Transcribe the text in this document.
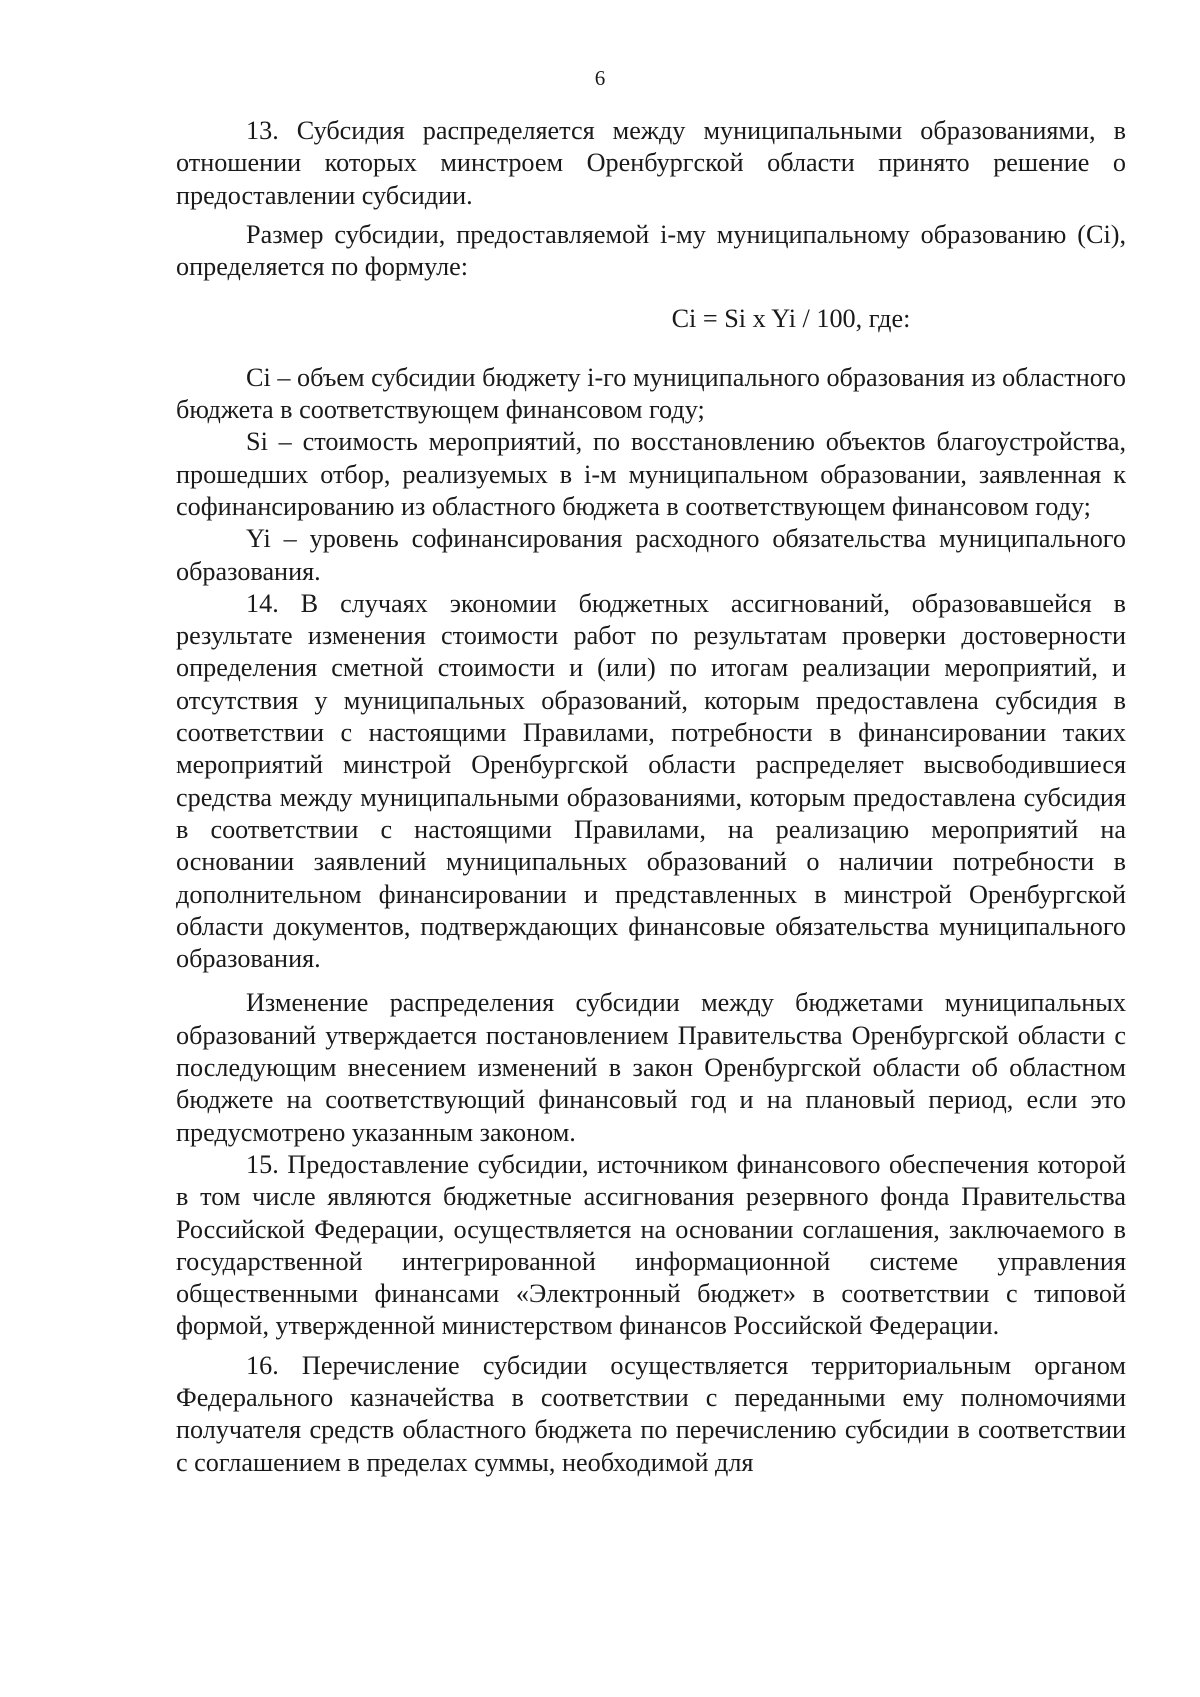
6

13. Субсидия распределяется между муниципальными образованиями, в отношении которых минстроем Оренбургской области принято решение о предоставлении субсидии.

Размер субсидии, предоставляемой i-му муниципальному образованию (Ci), определяется по формуле:

Ci = Si x Yi / 100, где:

Ci – объем субсидии бюджету i-го муниципального образования из областного бюджета в соответствующем финансовом году;

Si – стоимость мероприятий, по восстановлению объектов благоустройства, прошедших отбор, реализуемых в i-м муниципальном образовании, заявленная к софинансированию из областного бюджета в соответствующем финансовом году;

Yi – уровень софинансирования расходного обязательства муниципального образования.

14. В случаях экономии бюджетных ассигнований, образовавшейся в результате изменения стоимости работ по результатам проверки достоверности определения сметной стоимости и (или) по итогам реализации мероприятий, и отсутствия у муниципальных образований, которым предоставлена субсидия в соответствии с настоящими Правилами, потребности в финансировании таких мероприятий минстрой Оренбургской области распределяет высвободившиеся средства между муниципальными образованиями, которым предоставлена субсидия в соответствии с настоящими Правилами, на реализацию мероприятий на основании заявлений муниципальных образований о наличии потребности в дополнительном финансировании и представленных в минстрой Оренбургской области документов, подтверждающих финансовые обязательства муниципального образования.

Изменение распределения субсидии между бюджетами муниципальных образований утверждается постановлением Правительства Оренбургской области с последующим внесением изменений в закон Оренбургской области об областном бюджете на соответствующий финансовый год и на плановый период, если это предусмотрено указанным законом.

15. Предоставление субсидии, источником финансового обеспечения которой в том числе являются бюджетные ассигнования резервного фонда Правительства Российской Федерации, осуществляется на основании соглашения, заключаемого в государственной интегрированной информационной системе управления общественными финансами «Электронный бюджет» в соответствии с типовой формой, утвержденной министерством финансов Российской Федерации.

16. Перечисление субсидии осуществляется территориальным органом Федерального казначейства в соответствии с переданными ему полномочиями получателя средств областного бюджета по перечислению субсидии в соответствии с соглашением в пределах суммы, необходимой для
